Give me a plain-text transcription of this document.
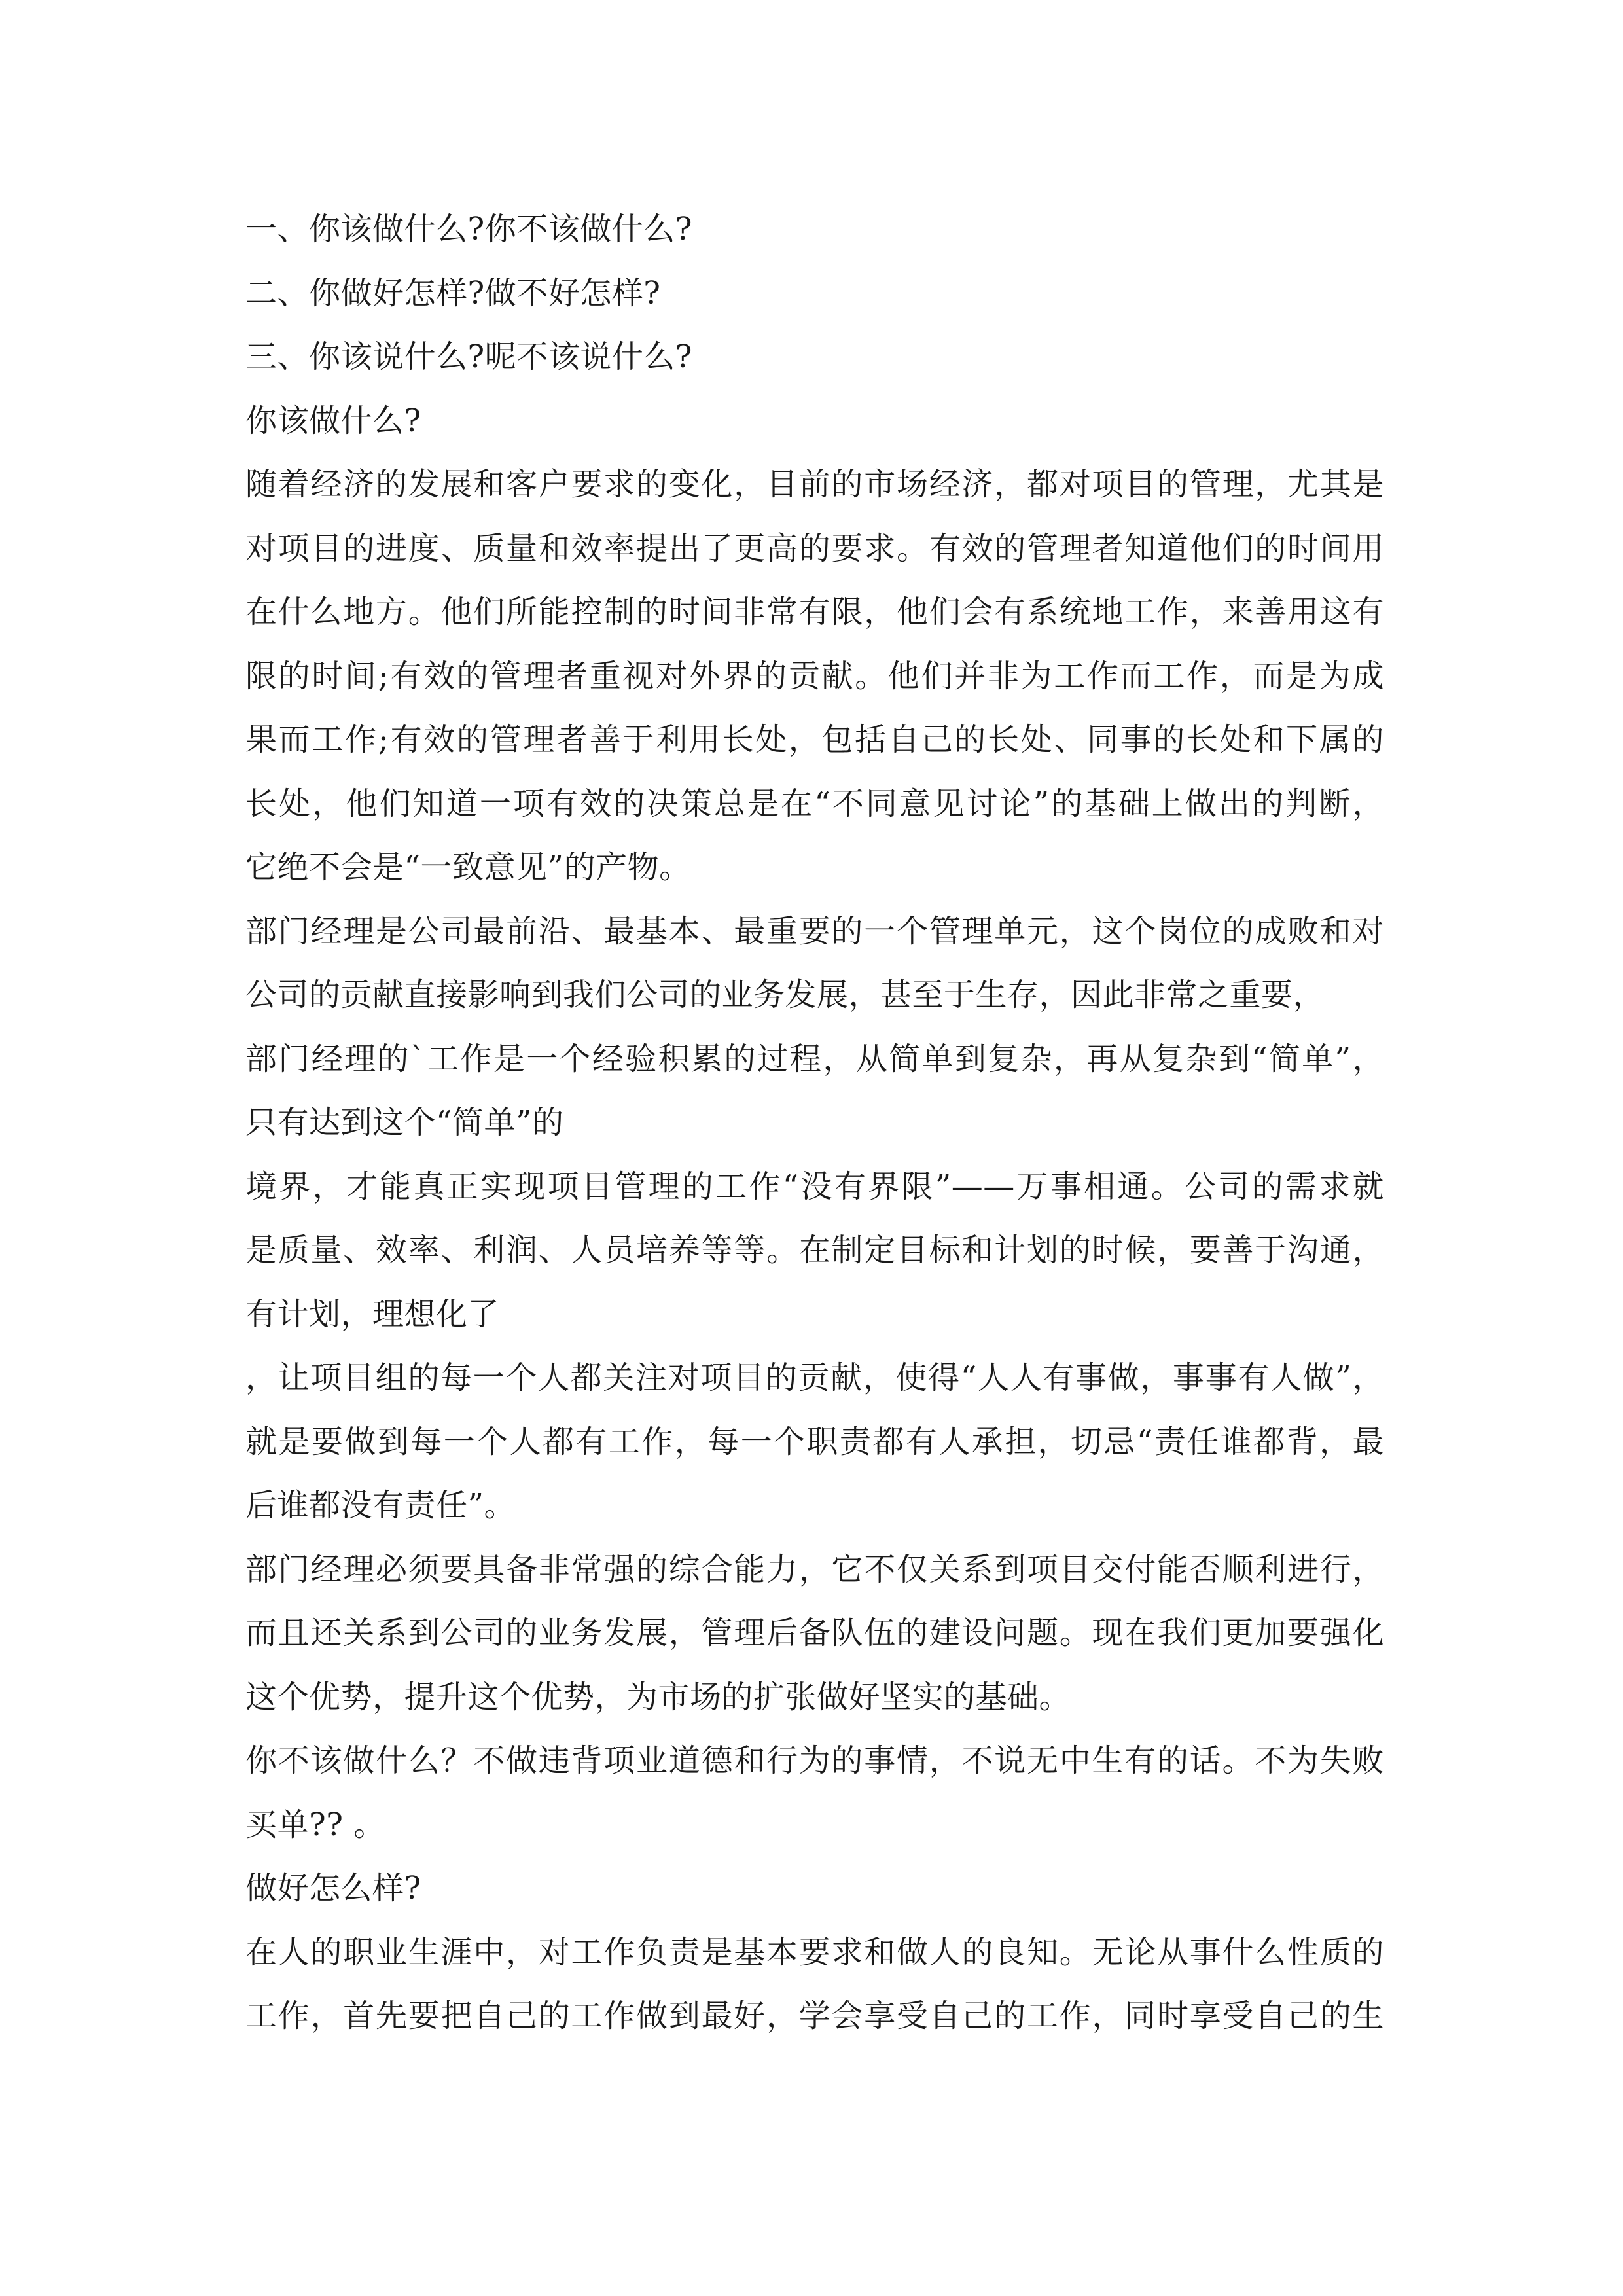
一、你该做什么?你不该做什么?
二、你做好怎样?做不好怎样?
三、你该说什么?呢不该说什么?
你该做什么?
随着经济的发展和客户要求的变化，目前的市场经济，都对项目的管理，尤其是
对项目的进度、质量和效率提出了更高的要求。有效的管理者知道他们的时间用
在什么地方。他们所能控制的时间非常有限，他们会有系统地工作，来善用这有
限的时间;有效的管理者重视对外界的贡献。他们并非为工作而工作，而是为成
果而工作;有效的管理者善于利用长处，包括自己的长处、同事的长处和下属的
长处，他们知道一项有效的决策总是在“不同意见讨论”的基础上做出的判断，
它绝不会是“一致意见”的产物。
部门经理是公司最前沿、最基本、最重要的一个管理单元，这个岗位的成败和对
公司的贡献直接影响到我们公司的业务发展，甚至于生存，因此非常之重要，
部门经理的`工作是一个经验积累的过程，从简单到复杂，再从复杂到“简单”，
只有达到这个“简单”的
境界，才能真正实现项目管理的工作“没有界限”——万事相通。公司的需求就
是质量、效率、利润、人员培养等等。在制定目标和计划的时候，要善于沟通，
有计划，理想化了
，让项目组的每一个人都关注对项目的贡献，使得“人人有事做，事事有人做”，
就是要做到每一个人都有工作，每一个职责都有人承担，切忌“责任谁都背，最
后谁都没有责任”。
部门经理必须要具备非常强的综合能力，它不仅关系到项目交付能否顺利进行，
而且还关系到公司的业务发展，管理后备队伍的建设问题。现在我们更加要强化
这个优势，提升这个优势，为市场的扩张做好坚实的基础。
你不该做什么？不做违背项业道德和行为的事情，不说无中生有的话。不为失败
买单?? 。
做好怎么样?
在人的职业生涯中，对工作负责是基本要求和做人的良知。无论从事什么性质的
工作，首先要把自己的工作做到最好，学会享受自己的工作，同时享受自己的生
